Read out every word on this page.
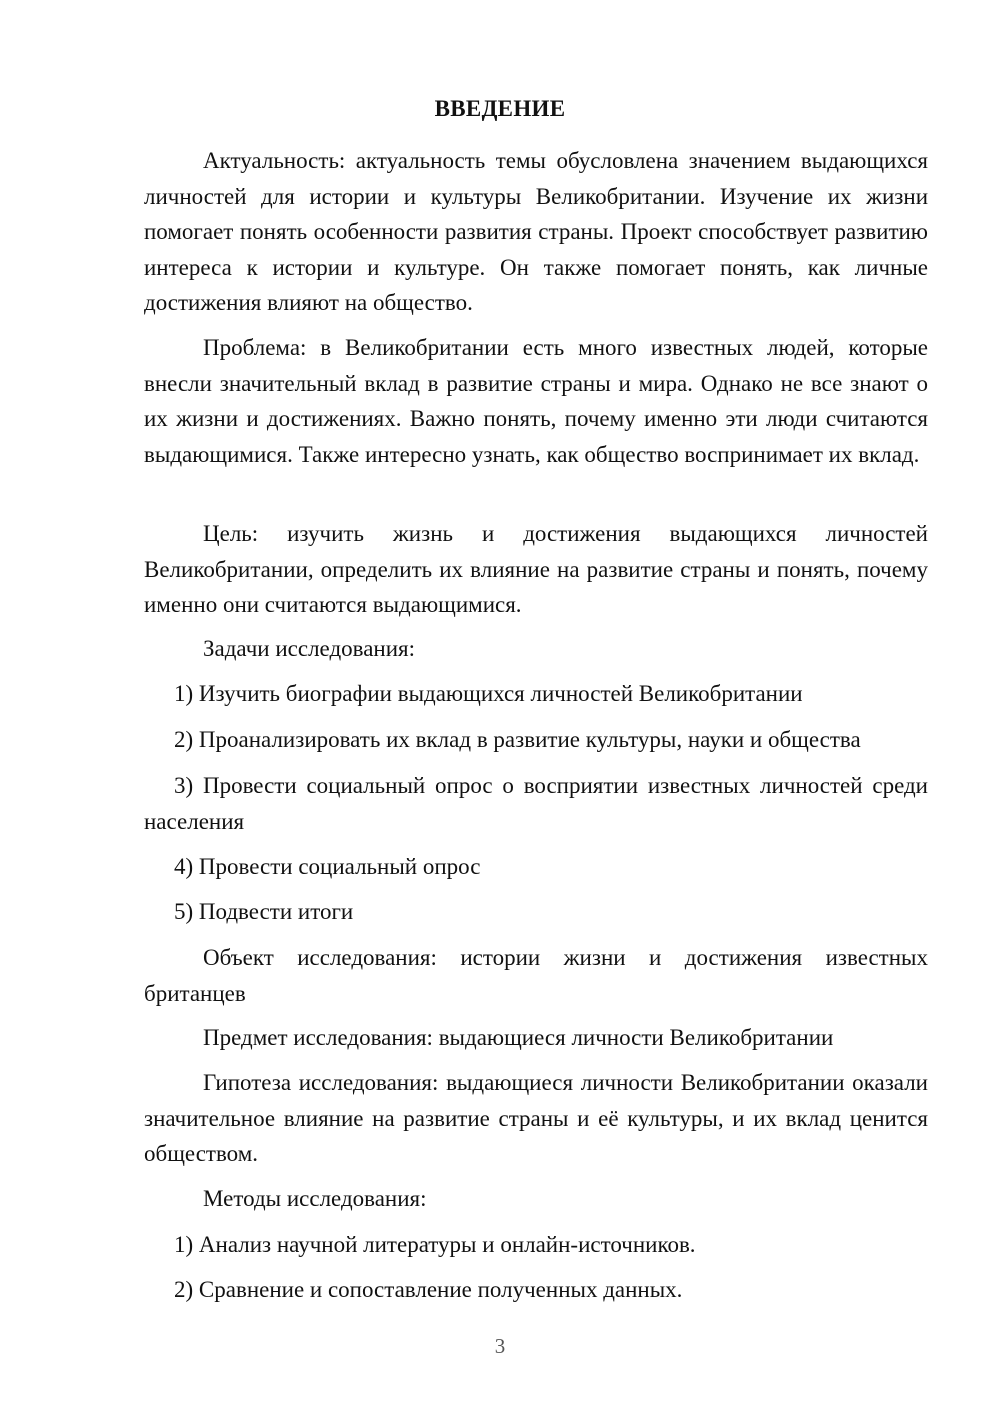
ВВЕДЕНИЕ

Актуальность: актуальность темы обусловлена значением выдающихся личностей для истории и культуры Великобритании. Изучение их жизни помогает понять особенности развития страны. Проект способствует развитию интереса к истории и культуре. Он также помогает понять, как личные достижения влияют на общество.

Проблема: в Великобритании есть много известных людей, которые внесли значительный вклад в развитие страны и мира. Однако не все знают о их жизни и достижениях. Важно понять, почему именно эти люди считаются выдающимися. Также интересно узнать, как общество воспринимает их вклад.

Цель: изучить жизнь и достижения выдающихся личностей Великобритании, определить их влияние на развитие страны и понять, почему именно они считаются выдающимися.

Задачи исследования:

1) Изучить биографии выдающихся личностей Великобритании

2) Проанализировать их вклад в развитие культуры, науки и общества

3) Провести социальный опрос о восприятии известных личностей среди населения

4) Провести социальный опрос

5) Подвести итоги

Объект исследования: истории жизни и достижения известных британцев

Предмет исследования: выдающиеся личности Великобритании

Гипотеза исследования: выдающиеся личности Великобритании оказали значительное влияние на развитие страны и её культуры, и их вклад ценится обществом.

Методы исследования:

1) Анализ научной литературы и онлайн-источников.

2) Сравнение и сопоставление полученных данных.

3
